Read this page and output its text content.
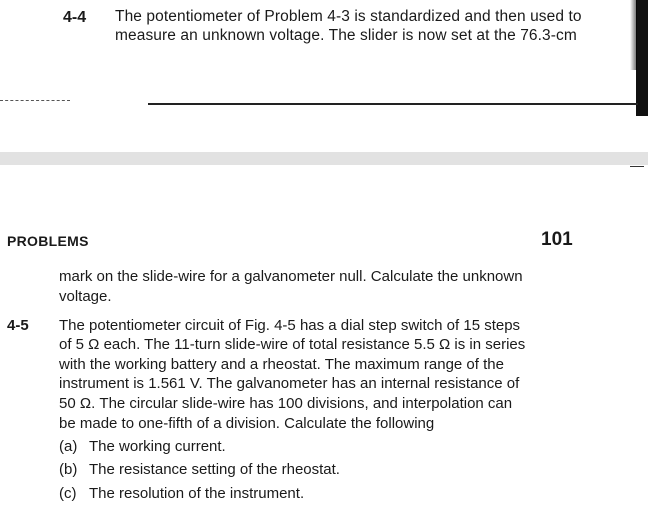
4-4 The potentiometer of Problem 4-3 is standardized and then used to
measure an unknown voltage. The slider is now set at the 76.3-cm
PROBLEMS	101
mark on the slide-wire for a galvanometer null. Calculate the unknown
voltage.
4-5 The potentiometer circuit of Fig. 4-5 has a dial step switch of 15 steps
of 5 Ω each. The 11-turn slide-wire of total resistance 5.5 Ω is in series
with the working battery and a rheostat. The maximum range of the
instrument is 1.561 V. The galvanometer has an internal resistance of
50 Ω. The circular slide-wire has 100 divisions, and interpolation can
be made to one-fifth of a division. Calculate the following
(a) The working current.
(b) The resistance setting of the rheostat.
(c) The resolution of the instrument.
